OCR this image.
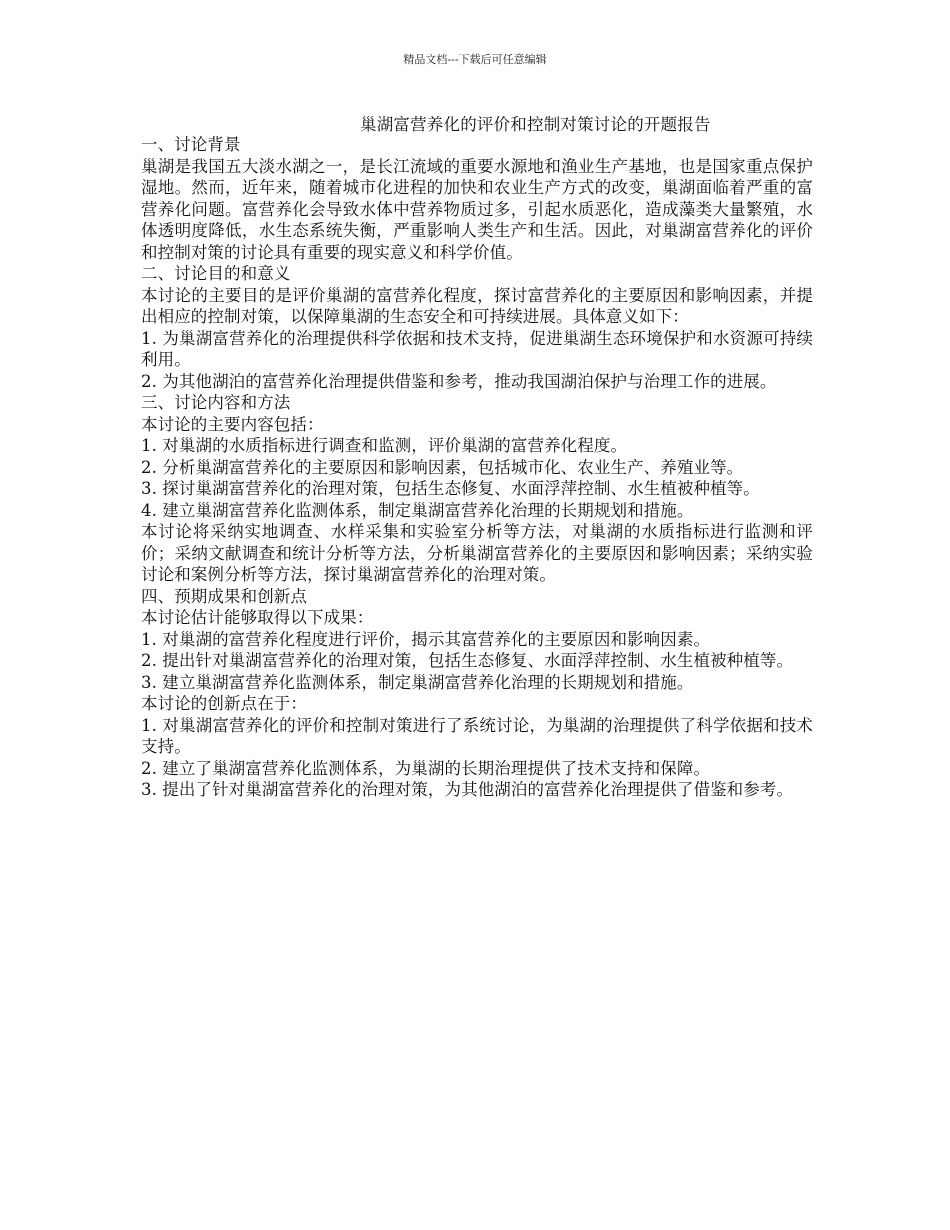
精品文档---下载后可任意编辑
巢湖富营养化的评价和控制对策讨论的开题报告

一、讨论背景

巢湖是我国五大淡水湖之一，是长江流域的重要水源地和渔业生产基地，也是国家重点保护湿地。然而，近年来，随着城市化进程的加快和农业生产方式的改变，巢湖面临着严重的富营养化问题。富营养化会导致水体中营养物质过多，引起水质恶化，造成藻类大量繁殖，水体透明度降低，水生态系统失衡，严重影响人类生产和生活。因此，对巢湖富营养化的评价和控制对策的讨论具有重要的现实意义和科学价值。

二、讨论目的和意义

本讨论的主要目的是评价巢湖的富营养化程度，探讨富营养化的主要原因和影响因素，并提出相应的控制对策，以保障巢湖的生态安全和可持续进展。具体意义如下：

1. 为巢湖富营养化的治理提供科学依据和技术支持，促进巢湖生态环境保护和水资源可持续利用。

2. 为其他湖泊的富营养化治理提供借鉴和参考，推动我国湖泊保护与治理工作的进展。

三、讨论内容和方法

本讨论的主要内容包括：

1. 对巢湖的水质指标进行调查和监测，评价巢湖的富营养化程度。

2. 分析巢湖富营养化的主要原因和影响因素，包括城市化、农业生产、养殖业等。

3. 探讨巢湖富营养化的治理对策，包括生态修复、水面浮萍控制、水生植被种植等。

4. 建立巢湖富营养化监测体系，制定巢湖富营养化治理的长期规划和措施。

本讨论将采纳实地调查、水样采集和实验室分析等方法，对巢湖的水质指标进行监测和评价；采纳文献调查和统计分析等方法，分析巢湖富营养化的主要原因和影响因素；采纳实验讨论和案例分析等方法，探讨巢湖富营养化的治理对策。

四、预期成果和创新点

本讨论估计能够取得以下成果：

1. 对巢湖的富营养化程度进行评价，揭示其富营养化的主要原因和影响因素。

2. 提出针对巢湖富营养化的治理对策，包括生态修复、水面浮萍控制、水生植被种植等。

3. 建立巢湖富营养化监测体系，制定巢湖富营养化治理的长期规划和措施。

本讨论的创新点在于：

1. 对巢湖富营养化的评价和控制对策进行了系统讨论，为巢湖的治理提供了科学依据和技术支持。

2. 建立了巢湖富营养化监测体系，为巢湖的长期治理提供了技术支持和保障。

3. 提出了针对巢湖富营养化的治理对策，为其他湖泊的富营养化治理提供了借鉴和参考。
